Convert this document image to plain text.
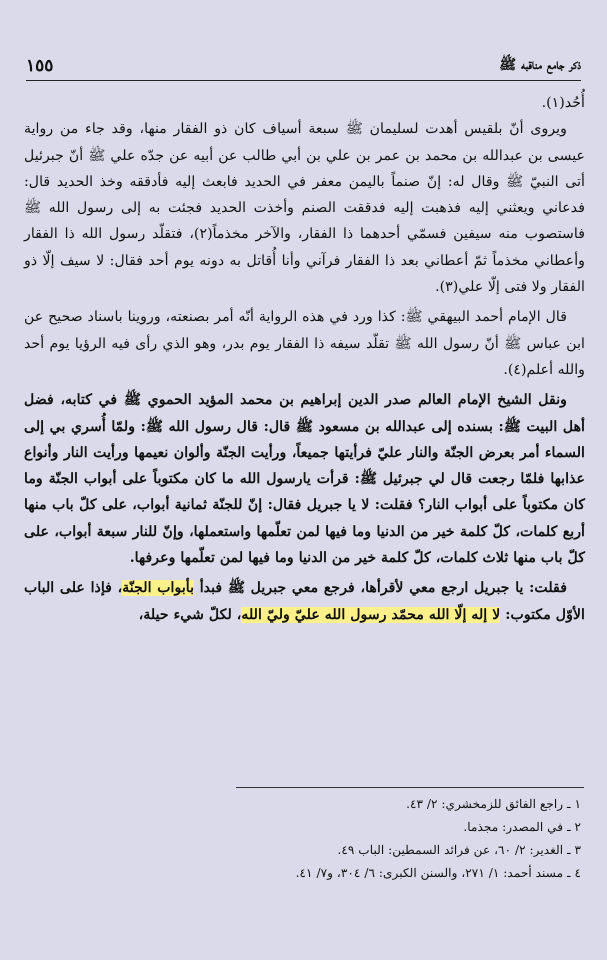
١٥٥	ذكر جامع مناقبه ﷺ

أُحُد(١).

ويروى أنّ بلقيس أهدت لسليمان ﷺ سبعة أسياف كان ذو الفقار منها، وقد جاء من رواية عيسى بن عبدالله بن محمد بن عمر بن علي بن أبي طالب عن أبيه عن جدّه علي ﷺ أنّ جبرئيل أتى النبيّ ﷺ وقال له: إنّ صنماً باليمن معفر في الحديد فابعث إليه فأدققه وخذ الحديد قال: فدعاني ويعثني إليه فذهبت إليه فدققت الصنم وأخذت الحديد فجئت به إلى رسول الله ﷺ فاستصوب منه سيفين فسمّي أحدهما ذا الفقار، والآخر مخذماً(٢)، فتقلّد رسول الله ذا الفقار وأعطاني مخذماً ثمّ أعطاني بعد ذا الفقار فرآني وأنا أُقاتل به دونه يوم أحد فقال: لا سيف إلّا ذو الفقار ولا فتى إلّا علي(٣).

قال الإمام أحمد البيهقي ﷺ: كذا ورد في هذه الرواية أنّه أمر بصنعته، وروينا باسناد صحيح عن ابن عباس ﷺ أنّ رسول الله ﷺ تقلّد سيفه ذا الفقار يوم بدر، وهو الذي رأى فيه الرؤيا يوم أحد والله أعلم(٤).

ونقل الشيخ الإمام العالم صدر الدين إبراهيم بن محمد المؤيد الحموي ﷺ في كتابه، فضل أهل البيت ﷺ: بسنده إلى عبدالله بن مسعود ﷺ قال: قال رسول الله ﷺ: ولمّا أُسري بي إلى السماء أمر بعرض الجنّة والنار عليّ فرأيتها جميعاً، ورأيت الجنّة وألوان نعيمها ورأيت النار وأنواع عذابها فلمّا رجعت قال لي جبرئيل ﷺ: قرأت يارسول الله ما كان مكتوباً على أبواب الجنّة وما كان مكتوباً على أبواب النار؟ فقلت: لا يا جبريل فقال: إنّ للجنّة ثمانية أبواب، على كلّ باب منها أربع كلمات، كلّ كلمة خير من الدنيا وما فيها لمن تعلّمها واستعملها، وإنّ للنار سبعة أبواب، على كلّ باب منها ثلاث كلمات، كلّ كلمة خير من الدنيا وما فيها لمن تعلّمها وعرفها.

فقلت: يا جبريل ارجع معي لأقرأها، فرجع معي جبريل ﷺ فبدأ بأبواب الجنّة، فإذا على الباب الأوّل مكتوب: لا إله إلّا الله محمّد رسول الله عليّ وليّ الله، لكلّ شيء حيلة،

١ ـ راجع الفائق للزمخشري: ٢/ ٤٣.
٢ ـ في المصدر: مجذما.
٣ ـ الغدير: ٢/ ٦٠، عن فرائد السمطين: الباب ٤٩.
٤ ـ مسند أحمد: ١/ ٢٧١، والسنن الكبرى: ٦/ ٣٠٤، و٧/ ٤١.
